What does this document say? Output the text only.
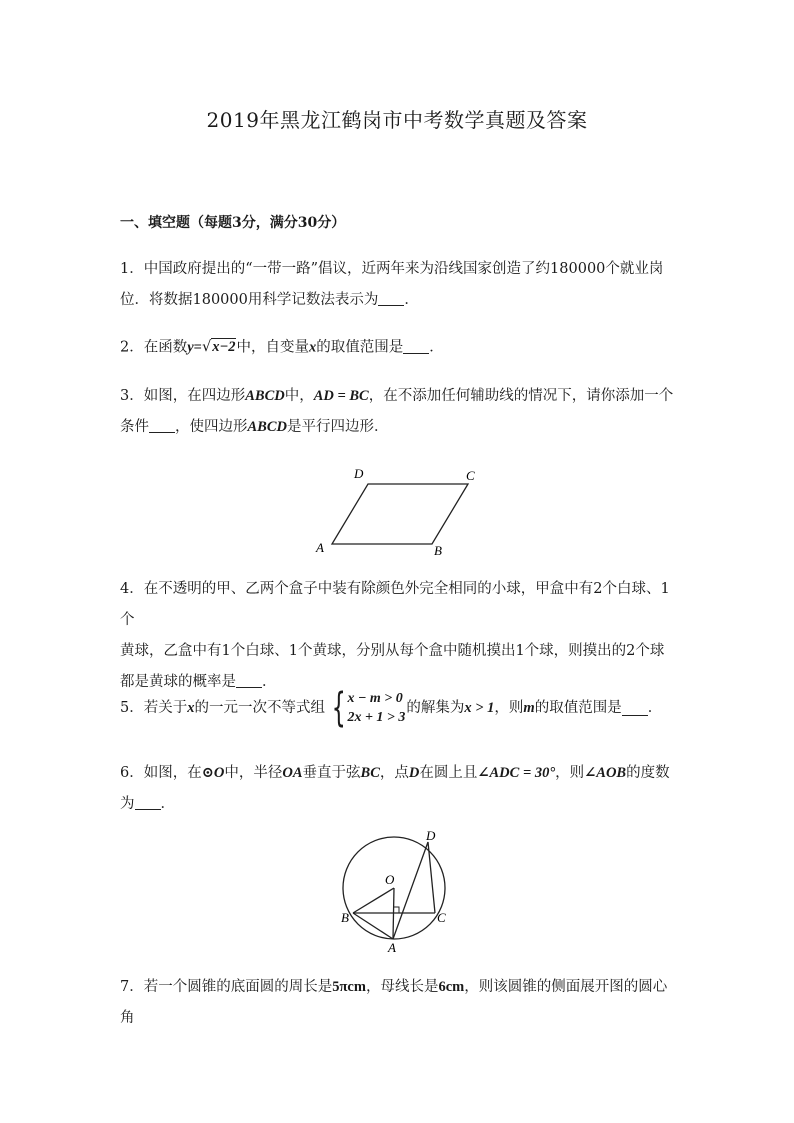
2019年黑龙江鹤岗市中考数学真题及答案
一、填空题（每题3分，满分30分）
1．中国政府提出的“一带一路”倡议，近两年来为沿线国家创造了约180000个就业岗
位．将数据180000用科学记数法表示为 ．
2．在函数y=√x−2中，自变量x的取值范围是 ．
3．如图，在四边形ABCD中，AD = BC，在不添加任何辅助线的情况下，请你添加一个
条件 ，使四边形ABCD是平行四边形．
A	B
C
D
4．在不透明的甲、乙两个盒子中装有除颜色外完全相同的小球，甲盒中有2个白球、1个
黄球，乙盒中有1个白球、1个黄球，分别从每个盒中随机摸出1个球，则摸出的2个球
都是黄球的概率是 ．
5． 若关于 x 的一元一次不等式组 { x − m > 0
2x + 1 > 3
的解集为 x > 1 ，则 m 的取值范围是 ．
6．如图，在⊙O中，半径OA垂直于弦BC，点D在圆上且∠ADC = 30°，则∠AOB的度数
为 ．
O
A
B	C
D
7．若一个圆锥的底面圆的周长是5πcm，母线长是6cm，则该圆锥的侧面展开图的圆心角
